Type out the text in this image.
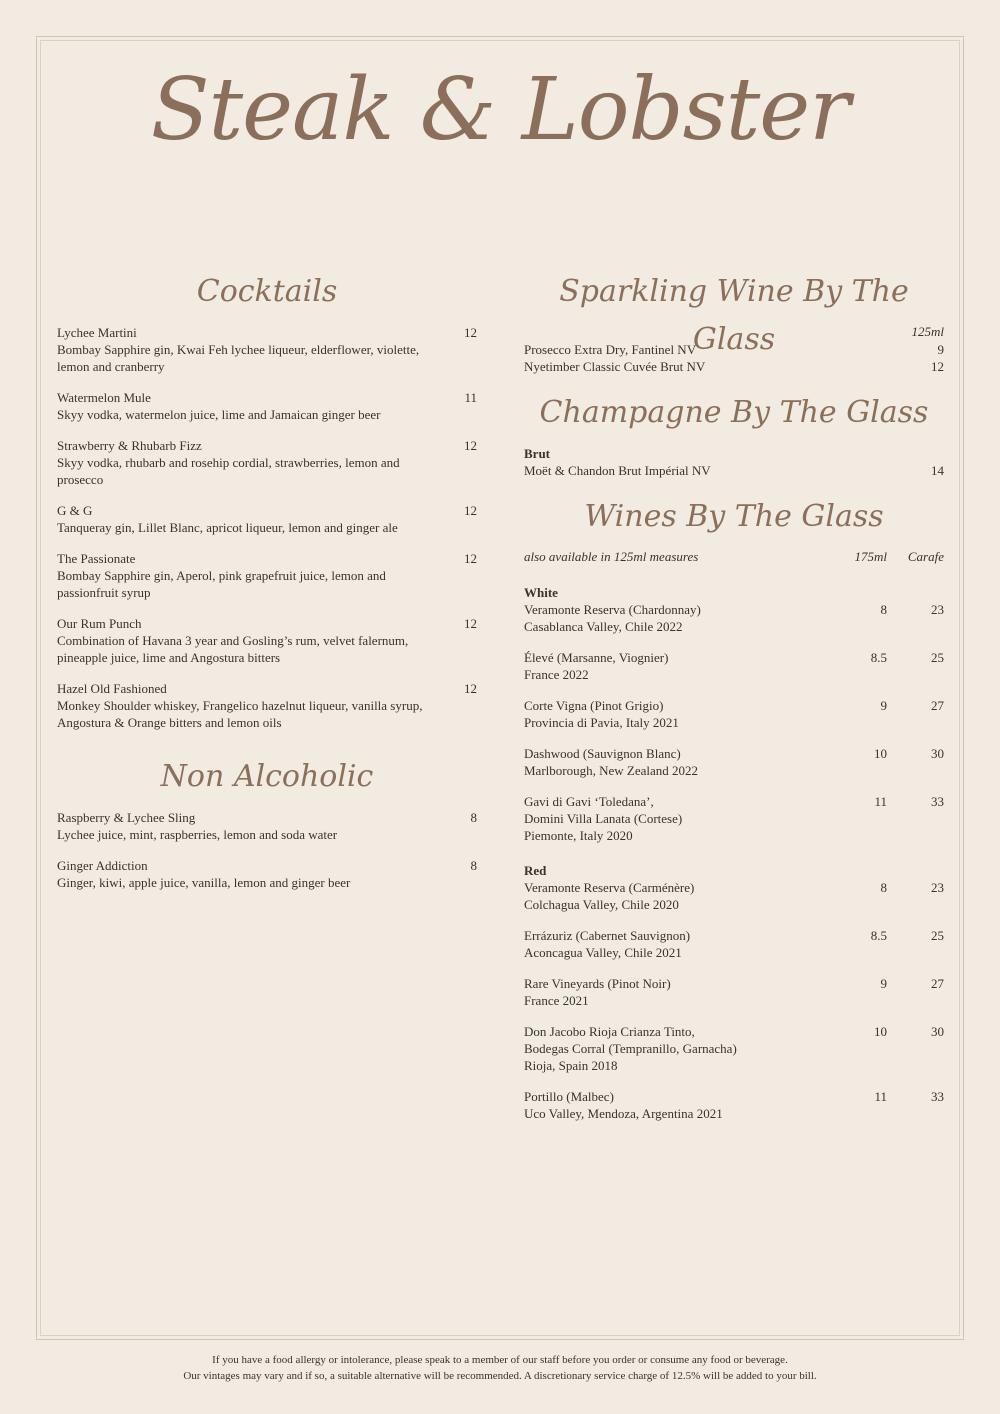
Steak & Lobster
Cocktails
Lychee Martini	12
Bombay Sapphire gin, Kwai Feh lychee liqueur, elderflower, violette, lemon and cranberry
Watermelon Mule	11
Skyy vodka, watermelon juice, lime and Jamaican ginger beer
Strawberry & Rhubarb Fizz	12
Skyy vodka, rhubarb and rosehip cordial, strawberries, lemon and prosecco
G & G	12
Tanqueray gin, Lillet Blanc, apricot liqueur, lemon and ginger ale
The Passionate	12
Bombay Sapphire gin, Aperol, pink grapefruit juice, lemon and passionfruit syrup
Our Rum Punch	12
Combination of Havana 3 year and Gosling’s rum, velvet falernum, pineapple juice, lime and Angostura bitters
Hazel Old Fashioned	12
Monkey Shoulder whiskey, Frangelico hazelnut liqueur, vanilla syrup, Angostura & Orange bitters and lemon oils
Non Alcoholic
Raspberry & Lychee Sling	8
Lychee juice, mint, raspberries, lemon and soda water
Ginger Addiction	8
Ginger, kiwi, apple juice, vanilla, lemon and ginger beer
Sparkling Wine By The Glass	125ml
Prosecco Extra Dry, Fantinel NV	9
Nyetimber Classic Cuvée Brut NV	12
Champagne By The Glass
Brut
Moët & Chandon Brut Impérial NV	14
Wines By The Glass
also available in 125ml measures	175ml Carafe
White
Veramonte Reserva (Chardonnay)
Casablanca Valley, Chile 2022
8	23
Élevé (Marsanne, Viognier)
France 2022
8.5	25
Corte Vigna (Pinot Grigio)
Provincia di Pavia, Italy 2021
9	27
Dashwood (Sauvignon Blanc)
Marlborough, New Zealand 2022
10	30
Gavi di Gavi ‘Toledana’,
Domini Villa Lanata (Cortese)
Piemonte, Italy 2020
11	33
Red
Veramonte Reserva (Carménère)
Colchagua Valley, Chile 2020
8	23
Errázuriz (Cabernet Sauvignon)
Aconcagua Valley, Chile 2021
8.5	25
Rare Vineyards (Pinot Noir)
France 2021
9	27
Don Jacobo Rioja Crianza Tinto,
Bodegas Corral (Tempranillo, Garnacha)
Rioja, Spain 2018
10	30
Portillo (Malbec)
Uco Valley, Mendoza, Argentina 2021
11	33
If you have a food allergy or intolerance, please speak to a member of our staff before you order or consume any food or beverage.
Our vintages may vary and if so, a suitable alternative will be recommended. A discretionary service charge of 12.5% will be added to your bill.
